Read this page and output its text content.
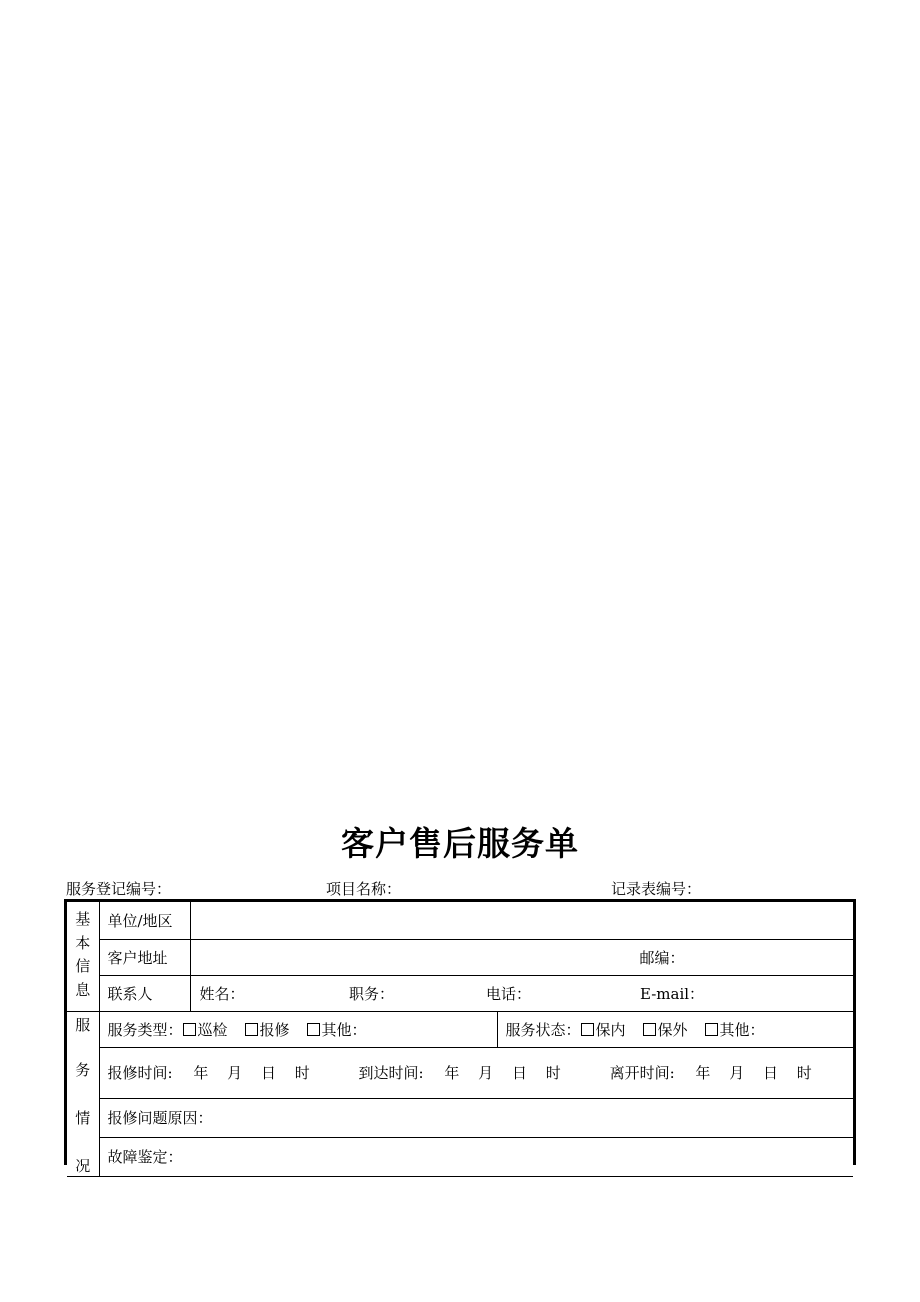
客户售后服务单
服务登记编号：	项目名称：	记录表编号：
基
本
信
息	单位/地区		
	客户地址	邮编：	
	联系人	姓名： 职务： 电话： E-mail：	

服
务
情
况	服务类型： 巡检 报修 其他：		服务状态： 保内 保外 其他：
	报修时间: 年 月 日 时 到达时间: 年 月 日 时 离开时间: 年 月 日 时		
	报修问题原因：		
	故障鉴定：		
